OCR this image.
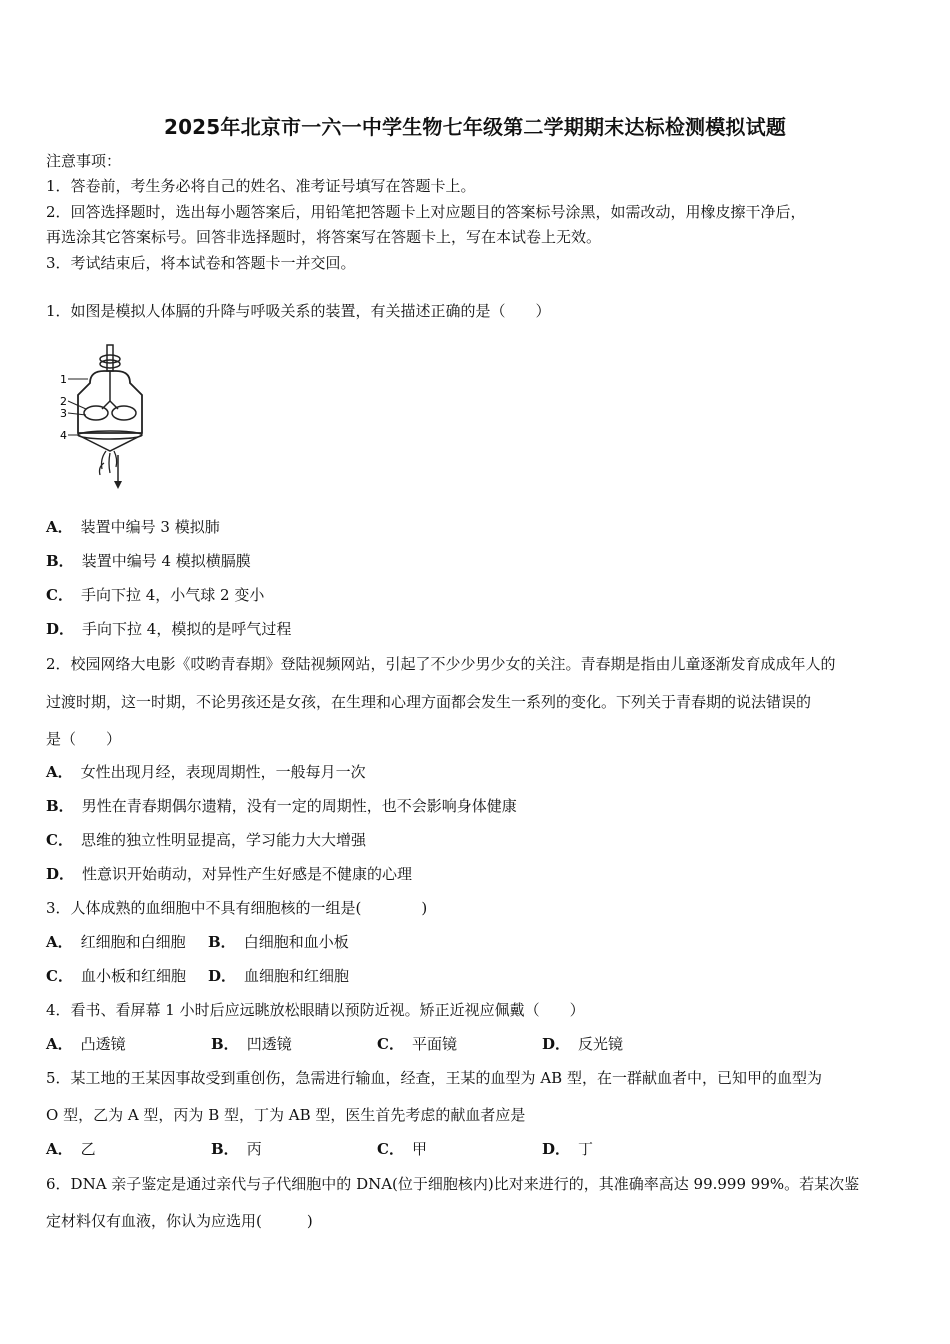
2025年北京市一六一中学生物七年级第二学期期末达标检测模拟试题
注意事项：
1．答卷前，考生务必将自己的姓名、准考证号填写在答题卡上。
2．回答选择题时，选出每小题答案后，用铅笔把答题卡上对应题目的答案标号涂黑，如需改动，用橡皮擦干净后，
再选涂其它答案标号。回答非选择题时，将答案写在答题卡上，写在本试卷上无效。
3．考试结束后，将本试卷和答题卡一并交回。
1．如图是模拟人体膈的升降与呼吸关系的装置，有关描述正确的是（　　）
1
2
3
4
A． 装置中编号 3 模拟肺
B． 装置中编号 4 模拟横膈膜
C． 手向下拉 4，小气球 2 变小
D． 手向下拉 4，模拟的是呼气过程
2．校园网络大电影《哎哟青春期》登陆视频网站，引起了不少少男少女的关注。青春期是指由儿童逐渐发育成成年人的
过渡时期，这一时期，不论男孩还是女孩，在生理和心理方面都会发生一系列的变化。下列关于青春期的说法错误的
是（　　）
A． 女性出现月经，表现周期性，一般每月一次
B． 男性在青春期偶尔遗精，没有一定的周期性，也不会影响身体健康
C． 思维的独立性明显提高，学习能力大大增强
D． 性意识开始萌动，对异性产生好感是不健康的心理
3．人体成熟的血细胞中不具有细胞核的一组是(　　　　)
A． 红细胞和白细胞 B． 白细胞和血小板
C． 血小板和红细胞 D． 血细胞和红细胞
4．看书、看屏幕 1 小时后应远眺放松眼睛以预防近视。矫正近视应佩戴（　　）
A． 凸透镜	B． 凹透镜	C． 平面镜	D． 反光镜
5．某工地的王某因事故受到重创伤，急需进行输血，经查，王某的血型为 AB 型，在一群献血者中，已知甲的血型为
O 型，乙为 A 型，丙为 B 型，丁为 AB 型，医生首先考虑的献血者应是
A． 乙	B． 丙	C． 甲	D． 丁
6．DNA 亲子鉴定是通过亲代与子代细胞中的 DNA(位于细胞核内)比对来进行的，其准确率高达 99.999 99%。若某次鉴
定材料仅有血液，你认为应选用(　　　)
